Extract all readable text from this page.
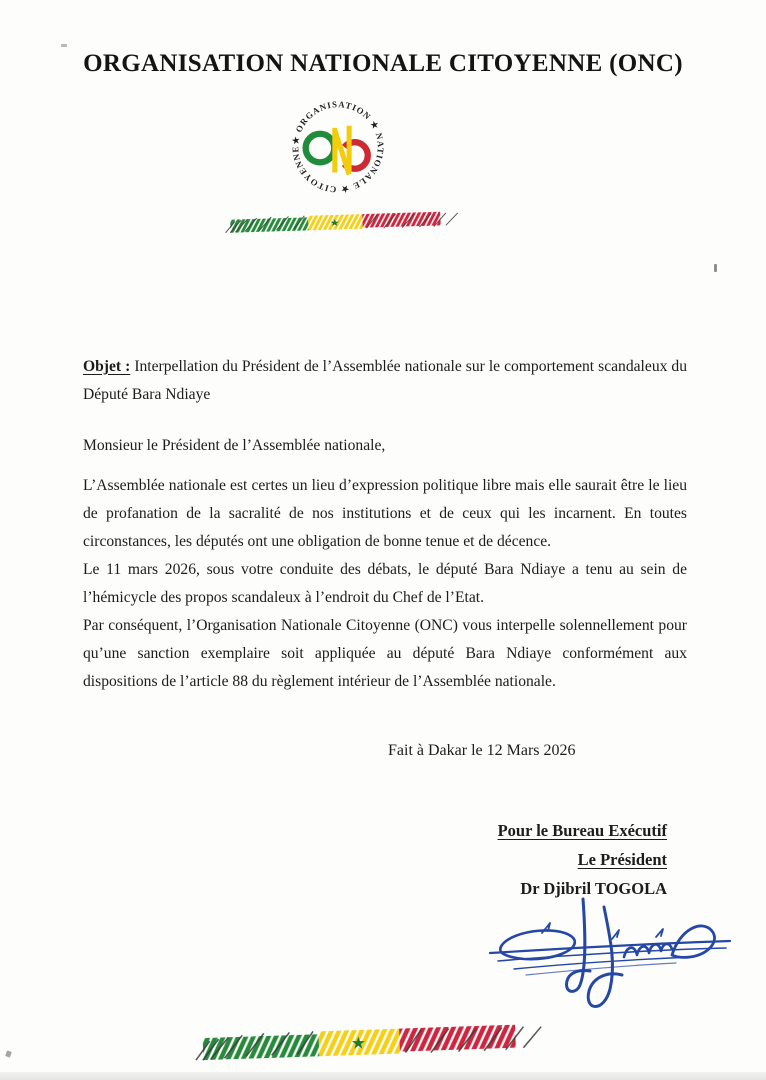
ORGANISATION NATIONALE CITOYENNE (ONC)
★ ORGANISATION ★ NATIONALE ★ CITOYENNE

Objet : Interpellation du Président de l’Assemblée nationale sur le comportement scandaleux du Député Bara Ndiaye

Monsieur le Président de l’Assemblée nationale,

L’Assemblée nationale est certes un lieu d’expression politique libre mais elle saurait être le lieu de profanation de la sacralité de nos institutions et de ceux qui les incarnent. En toutes circonstances, les députés ont une obligation de bonne tenue et de décence.

Le 11 mars 2026, sous votre conduite des débats, le député Bara Ndiaye a tenu au sein de l’hémicycle des propos scandaleux à l’endroit du Chef de l’Etat.

Par conséquent, l’Organisation Nationale Citoyenne (ONC) vous interpelle solennellement pour qu’une sanction exemplaire soit appliquée au député Bara Ndiaye conformément aux dispositions de l’article 88 du règlement intérieur de l’Assemblée nationale.

Fait à Dakar le 12 Mars 2026

Pour le Bureau Exécutif
Le Président
Dr Djibril TOGOLA
